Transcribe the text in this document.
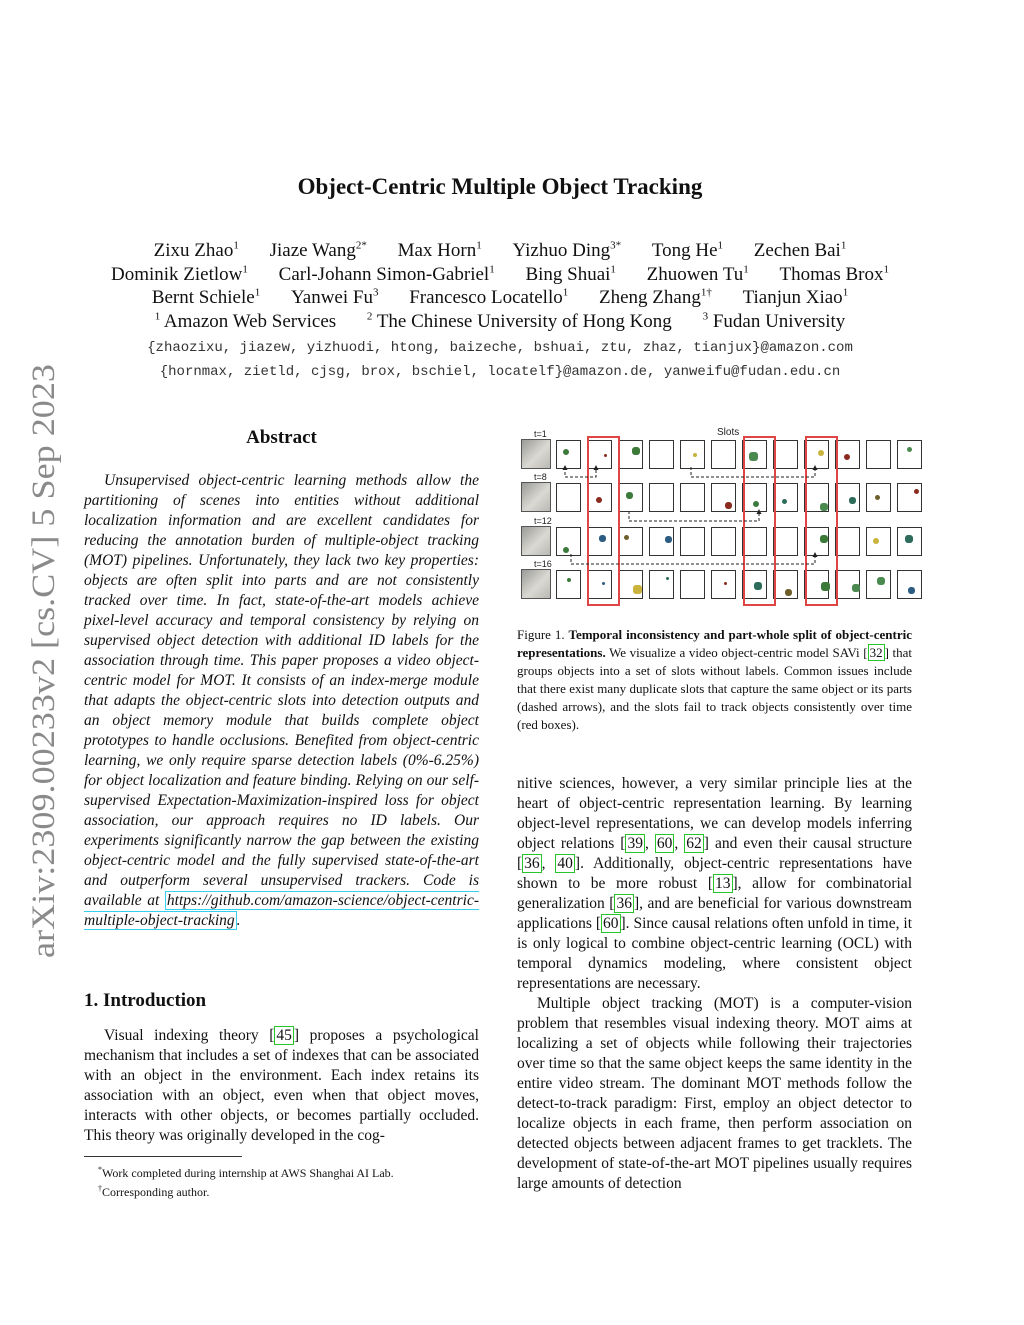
arXiv:2309.00233v2 [cs.CV] 5 Sep 2023
Object-Centric Multiple Object Tracking
Zixu Zhao$^1$ Jiaze Wang$^{2*}$ Max Horn$^1$ Yizhuo Ding$^{3*}$ Tong He$^1$ Zechen Bai$^1$
Dominik Zietlow$^1$ Carl-Johann Simon-Gabriel$^1$ Bing Shuai$^1$ Zhuowen Tu$^1$ Thomas Brox$^1$
Bernt Schiele$^1$ Yanwei Fu$^3$ Francesco Locatello$^1$ Zheng Zhang$^{1\dagger}$ Tianjun Xiao$^1$
$^1$ Amazon Web Services	$^2$ The Chinese University of Hong Kong	$^3$ Fudan University
{zhaozixu, jiazew, yizhuodi, htong, baizeche, bshuai, ztu, zhaz, tianjux}@amazon.com
{hornmax, zietld, cjsg, brox, bschiel, locatelf}@amazon.de, yanweifu@fudan.edu.cn
Abstract

Unsupervised object-centric learning methods allow the partitioning of scenes into entities without additional localization information and are excellent candidates for reducing the annotation burden of multiple-object tracking (MOT) pipelines. Unfortunately, they lack two key properties: objects are often split into parts and are not consistently tracked over time. In fact, state-of-the-art models achieve pixel-level accuracy and temporal consistency by relying on supervised object detection with additional ID labels for the association through time. This paper proposes a video object-centric model for MOT. It consists of an index-merge module that adapts the object-centric slots into detection outputs and an object memory module that builds complete object prototypes to handle occlusions. Benefited from object-centric learning, we only require sparse detection labels (0%-6.25%) for object localization and feature binding. Relying on our self-supervised Expectation-Maximization-inspired loss for object association, our approach requires no ID labels. Our experiments significantly narrow the gap between the existing object-centric model and the fully supervised state-of-the-art and outperform several unsupervised trackers. Code is available at https://github.com/amazon-science/object-centric-multiple-object-tracking .

1. Introduction

Visual indexing theory [ 45 ] proposes a psychological mechanism that includes a set of indexes that can be associated with an object in the environment. Each index retains its association with an object, even when that object moves, interacts with other objects, or becomes partially occluded. This theory was originally developed in the cog-

*Work completed during internship at AWS Shanghai AI Lab.
†Corresponding author.
Slots
t=1
t=8
t=12
t=16
Figure 1. Temporal inconsistency and part-whole split of object-centric representations. We visualize a video object-centric model SAVi [ 32 ] that groups objects into a set of slots without labels. Common issues include that there exist many duplicate slots that capture the same object or its parts (dashed arrows), and the slots fail to track objects consistently over time (red boxes).

nitive sciences, however, a very similar principle lies at the heart of object-centric representation learning. By learning object-level representations, we can develop models inferring object relations [ 39 , 60 , 62 ] and even their causal structure [ 36 , 40 ]. Additionally, object-centric representations have shown to be more robust [ 13 ], allow for combinatorial generalization [ 36 ], and are beneficial for various downstream applications [ 60 ]. Since causal relations often unfold in time, it is only logical to combine object-centric learning (OCL) with temporal dynamics modeling, where consistent object representations are necessary.

Multiple object tracking (MOT) is a computer-vision problem that resembles visual indexing theory. MOT aims at localizing a set of objects while following their trajectories over time so that the same object keeps the same identity in the entire video stream. The dominant MOT methods follow the detect-to-track paradigm: First, employ an object detector to localize objects in each frame, then perform association on detected objects between adjacent frames to get tracklets. The development of state-of-the-art MOT pipelines usually requires large amounts of detection
